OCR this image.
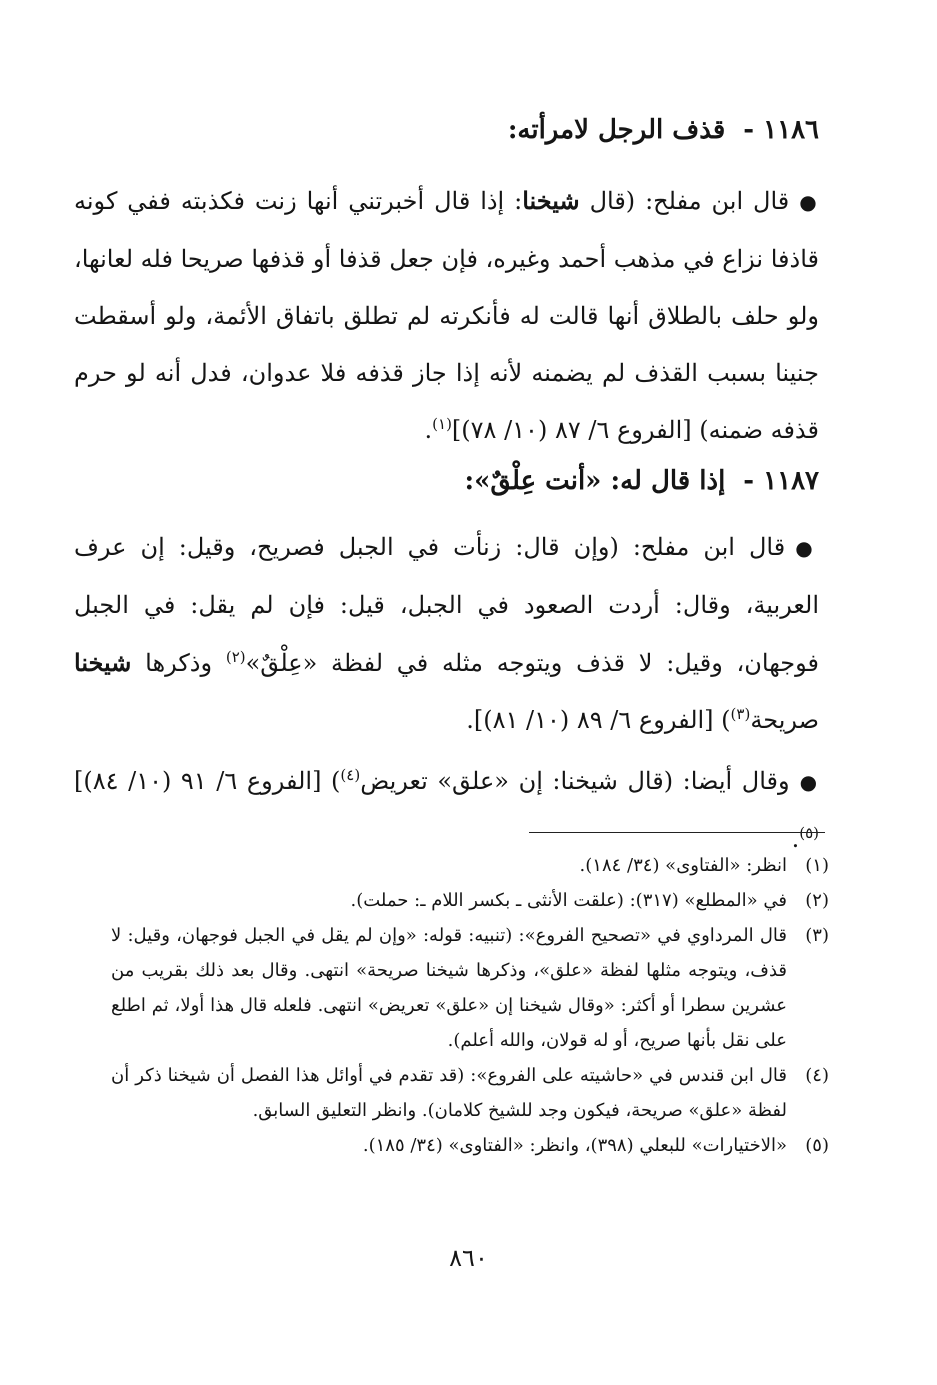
١١٨٦ -قذف الرجل لامرأته:

●قال ابن مفلح: (قال شيخنا: إذا قال أخبرتني أنها زنت فكذبته ففي كونه قاذفا نزاع في مذهب أحمد وغيره، فإن جعل قذفا أو قذفها صريحا فله لعانها، ولو حلف بالطلاق أنها قالت له فأنكرته لم تطلق باتفاق الأئمة، ولو أسقطت جنينا بسبب القذف لم يضمنه لأنه إذا جاز قذفه فلا عدوان، فدل أنه لو حرم قذفه ضمنه) [الفروع ٦/ ٨٧ (١٠/ ٧٨)]$^{(١)}$.

١١٨٧ -إذا قال له: «أنت عِلْقٌ»:

●قال ابن مفلح: (وإن قال: زنأت في الجبل فصريح، وقيل: إن عرف العربية، وقال: أردت الصعود في الجبل، قيل: فإن لم يقل: في الجبل فوجهان، وقيل: لا قذف ويتوجه مثله في لفظة «عِلْقٌ»$^{(٢)}$ وذكرها شيخنا صريحة$^{(٣)}$) [الفروع ٦/ ٨٩ (١٠/ ٨١)].

●وقال أيضا: (قال شيخنا: إن «علق» تعريض$^{(٤)}$) [الفروع ٦/ ٩١ (١٠/ ٨٤)]$^{(٥)}$.

(١)
انظر: «الفتاوى» (٣٤/ ١٨٤).
(٢)
في «المطلع» (٣١٧): (علقت الأنثى ـ بكسر اللام ـ: حملت).
(٣)
قال المرداوي في «تصحيح الفروع»: (تنبيه: قوله: «وإن لم يقل في الجبل فوجهان، وقيل: لا قذف، ويتوجه مثلها لفظة «علق»، وذكرها شيخنا صريحة» انتهى. وقال بعد ذلك بقريب من عشرين سطرا أو أكثر: «وقال شيخنا إن «علق» تعريض» انتهى. فلعله قال هذا أولا، ثم اطلع على نقل بأنها صريح، أو له قولان، والله أعلم).
(٤)
قال ابن قندس في «حاشيته على الفروع»: (قد تقدم في أوائل هذا الفصل أن شيخنا ذكر أن لفظة «علق» صريحة، فيكون وجد للشيخ كلامان). وانظر التعليق السابق.
(٥)
«الاختيارات» للبعلي (٣٩٨)، وانظر: «الفتاوى» (٣٤/ ١٨٥).
٨٦٠
